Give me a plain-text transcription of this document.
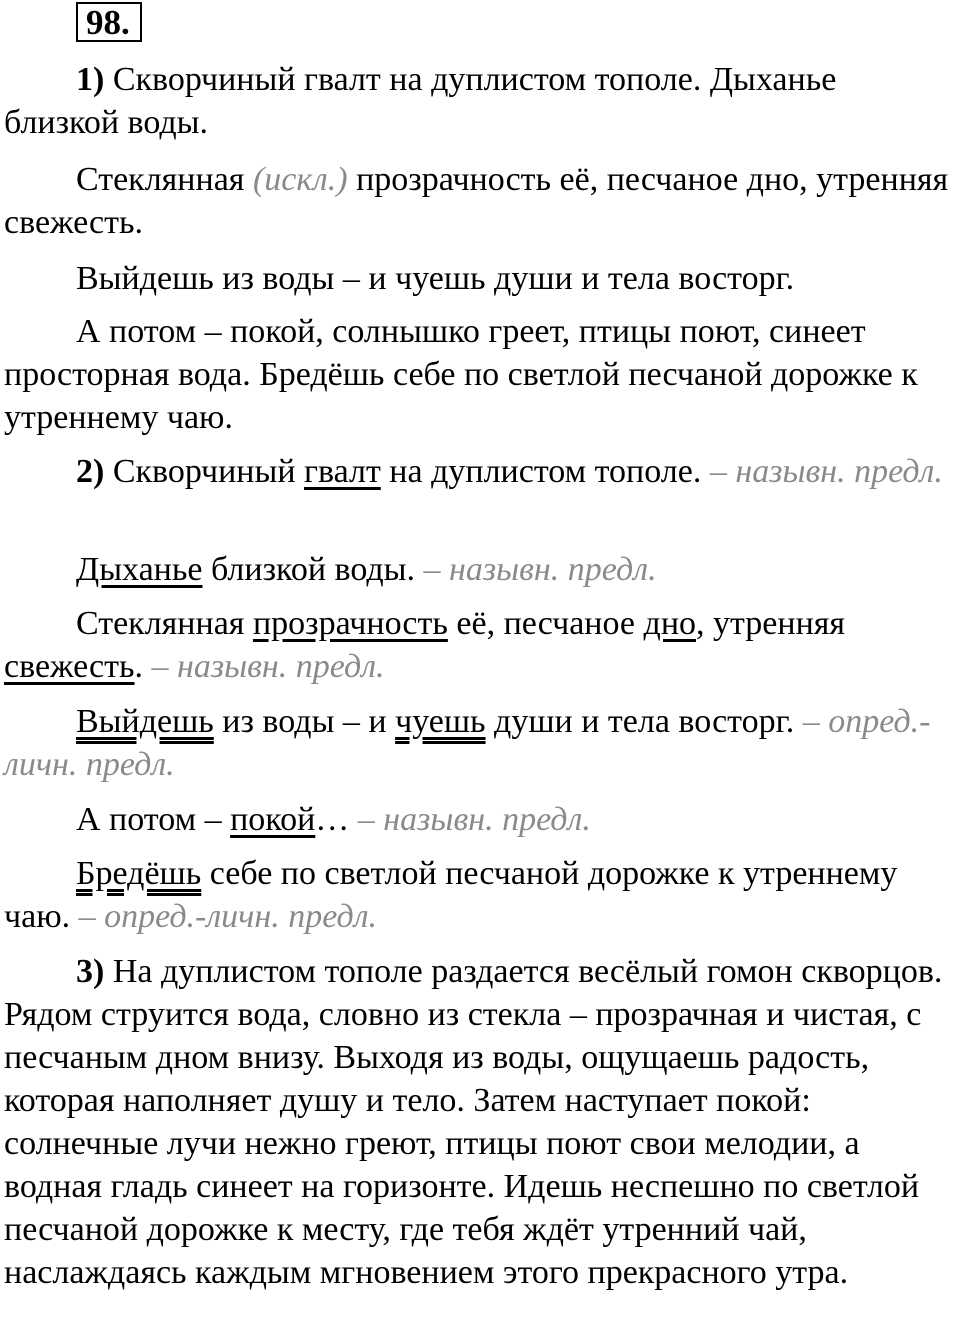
98.

1) Скворчиный гвалт на дуплистом тополе. Дыханье близкой воды.

Стеклянная (искл.) прозрачность её, песчаное дно, утренняя свежесть.

Выйдешь из воды – и чуешь души и тела восторг.

А потом – покой, солнышко греет, птицы поют, синеет просторная вода. Бредёшь себе по светлой песчаной дорожке к утреннему чаю.

2) Скворчиный гвалт на дуплистом тополе. – назывн. предл.

Дыханье близкой воды. – назывн. предл.

Стеклянная прозрачность её, песчаное дно, утренняя свежесть. – назывн. предл.

Выйдешь из воды – и чуешь души и тела восторг. – опред.-личн. предл.

А потом – покой… – назывн. предл.

Бредёшь себе по светлой песчаной дорожке к утреннему чаю. – опред.-личн. предл.

3) На дуплистом тополе раздается весёлый гомон скворцов. Рядом струится вода, словно из стекла – прозрачная и чистая, с песчаным дном внизу. Выходя из воды, ощущаешь радость, которая наполняет душу и тело. Затем наступает покой: солнечные лучи нежно греют, птицы поют свои мелодии, а водная гладь синеет на горизонте. Идешь неспешно по светлой песчаной дорожке к месту, где тебя ждёт утренний чай, наслаждаясь каждым мгновением этого прекрасного утра.
